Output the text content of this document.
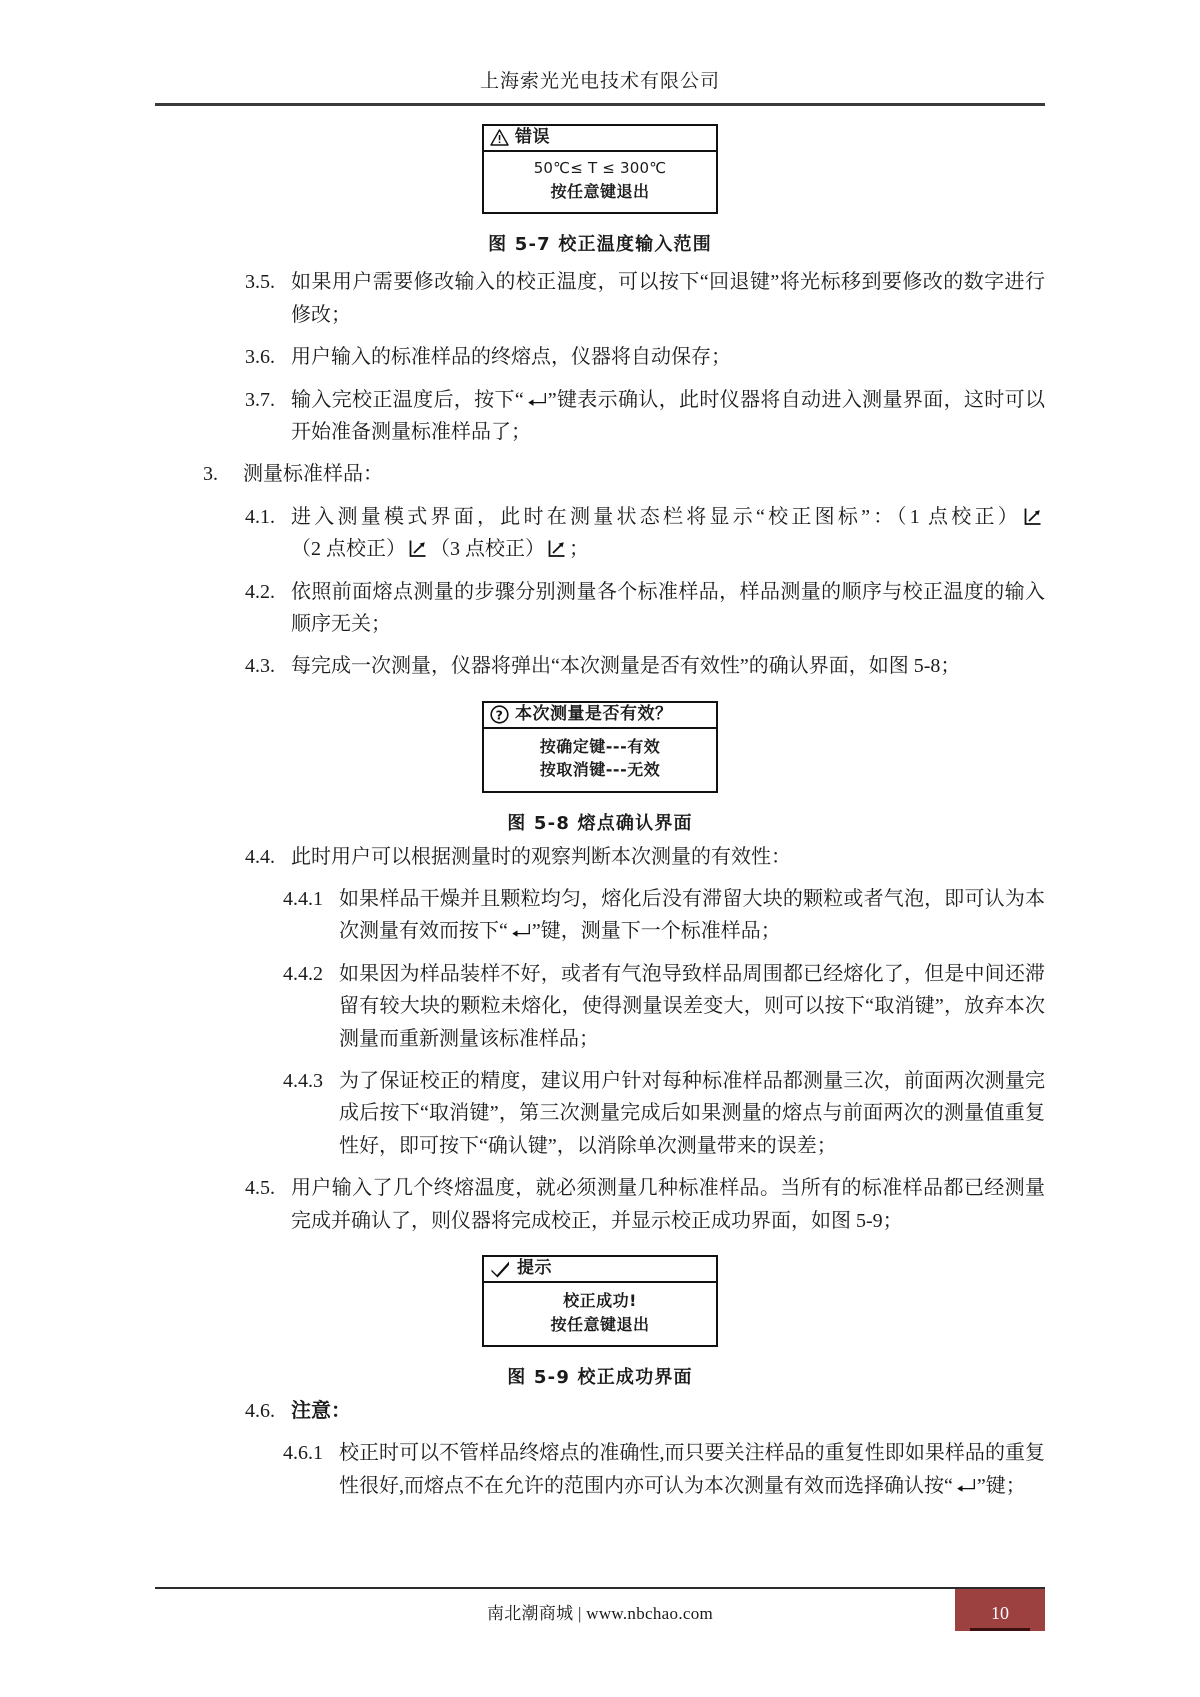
上海索光光电技术有限公司
错误
50℃≤ T ≤ 300℃
按任意键退出
图 5-7 校正温度输入范围
3.5. 如果用户需要修改输入的校正温度，可以按下“回退键”将光标移到要修改的数字进行修改；
3.6. 用户输入的标准样品的终熔点，仪器将自动保存；
3.7. 输入完校正温度后，按下“ ”键表示确认，此时仪器将自动进入测量界面，这时可以开始准备测量标准样品了；
3.	测量标准样品：
4.1. 进入测量模式界面，此时在测量状态栏将显示“校正图标”：（1 点校正）（2 点校正） （3 点校正） ；
4.2. 依照前面熔点测量的步骤分别测量各个标准样品，样品测量的顺序与校正温度的输入顺序无关；
4.3. 每完成一次测量，仪器将弹出“本次测量是否有效性”的确认界面，如图 5-8；
? 本次测量是否有效？
按确定键---有效
按取消键---无效
图 5-8 熔点确认界面
4.4. 此时用户可以根据测量时的观察判断本次测量的有效性：
4.4.1 如果样品干燥并且颗粒均匀，熔化后没有滞留大块的颗粒或者气泡，即可认为本次测量有效而按下“ ”键，测量下一个标准样品；
4.4.2 如果因为样品装样不好，或者有气泡导致样品周围都已经熔化了，但是中间还滞留有较大块的颗粒未熔化，使得测量误差变大，则可以按下“取消键”，放弃本次测量而重新测量该标准样品；
4.4.3 为了保证校正的精度，建议用户针对每种标准样品都测量三次，前面两次测量完成后按下“取消键”，第三次测量完成后如果测量的熔点与前面两次的测量值重复性好，即可按下“确认键”，以消除单次测量带来的误差；
4.5. 用户输入了几个终熔温度，就必须测量几种标准样品。当所有的标准样品都已经测量完成并确认了，则仪器将完成校正，并显示校正成功界面，如图 5-9；
提示
校正成功!
按任意键退出
图 5-9 校正成功界面
4.6. 注意：
4.6.1 校正时可以不管样品终熔点的准确性,而只要关注样品的重复性即如果样品的重复性很好,而熔点不在允许的范围内亦可认为本次测量有效而选择确认按“ ”键；
南北潮商城 | www.nbchao.com	10
